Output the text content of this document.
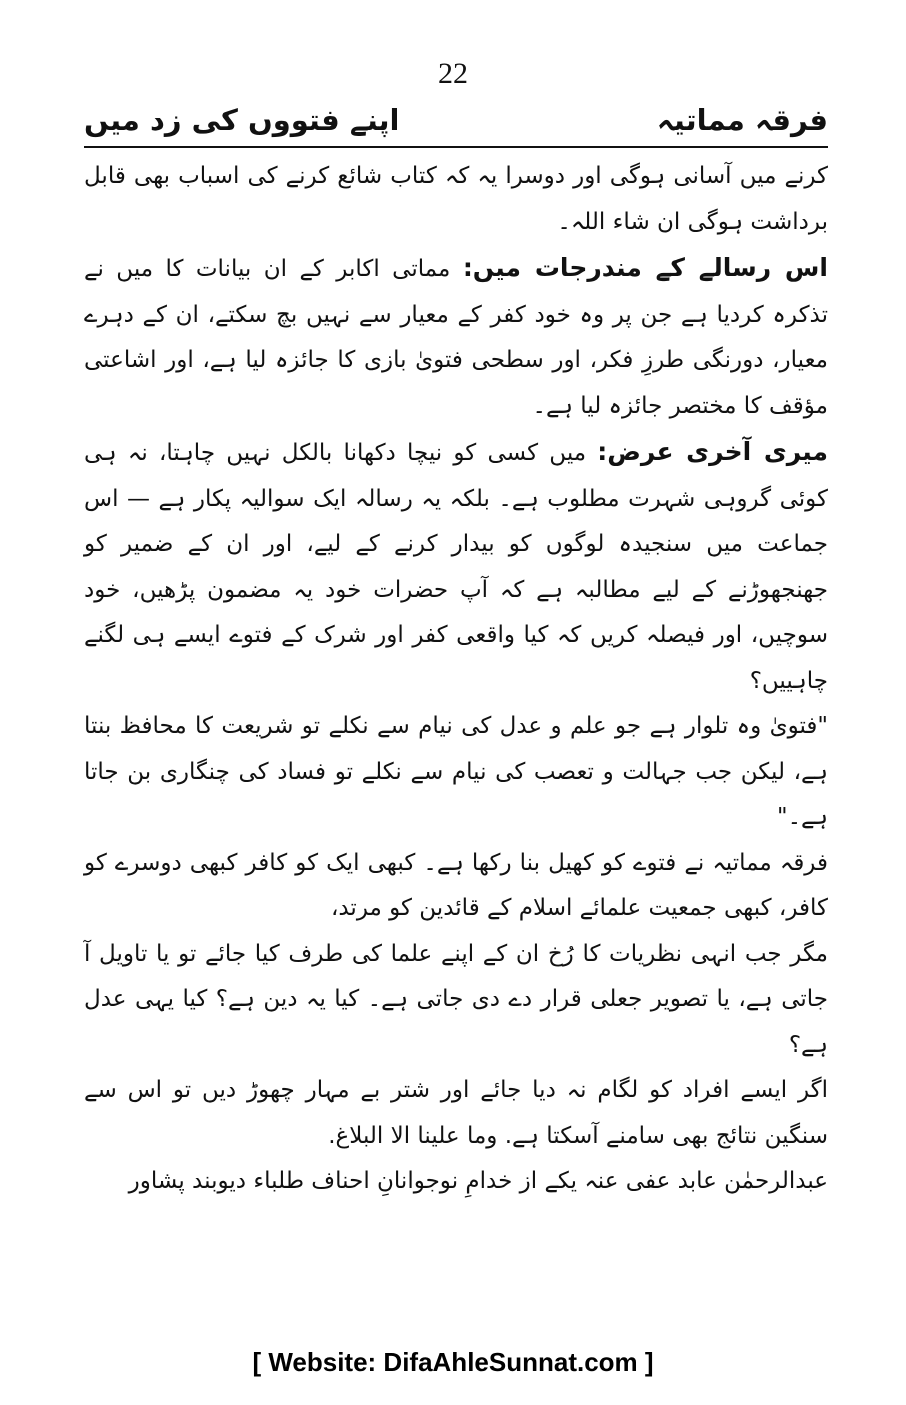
22
فرقہ مماتیہ
اپنے فتووں کی زد میں

کرنے میں آسانی ہوگی اور دوسرا یہ کہ کتاب شائع کرنے کی اسباب بھی قابل برداشت ہوگی ان شاء اللہ۔

اس رسالے کے مندرجات میں: مماتی اکابر کے ان بیانات کا میں نے تذکرہ کردیا ہے جن پر وہ خود کفر کے معیار سے نہیں بچ سکتے، ان کے دہرے معیار، دورنگی طرزِ فکر، اور سطحی فتویٰ بازی کا جائزہ لیا ہے، اور اشاعتی مؤقف کا مختصر جائزہ لیا ہے۔

میری آخری عرض: میں کسی کو نیچا دکھانا بالکل نہیں چاہتا، نہ ہی کوئی گروہی شہرت مطلوب ہے۔ بلکہ یہ رسالہ ایک سوالیہ پکار ہے — اس جماعت میں سنجیدہ لوگوں کو بیدار کرنے کے لیے، اور ان کے ضمیر کو جھنجھوڑنے کے لیے مطالبہ ہے کہ آپ حضرات خود یہ مضمون پڑھیں، خود سوچیں، اور فیصلہ کریں کہ کیا واقعی کفر اور شرک کے فتوے ایسے ہی لگنے چاہییں؟

"فتویٰ وہ تلوار ہے جو علم و عدل کی نیام سے نکلے تو شریعت کا محافظ بنتا ہے، لیکن جب جہالت و تعصب کی نیام سے نکلے تو فساد کی چنگاری بن جاتا ہے۔"

فرقہ مماتیہ نے فتوے کو کھیل بنا رکھا ہے۔ کبھی ایک کو کافر کبھی دوسرے کو کافر، کبھی جمعیت علمائے اسلام کے قائدین کو مرتد،

مگر جب انہی نظریات کا رُخ ان کے اپنے علما کی طرف کیا جائے تو یا تاویل آ جاتی ہے، یا تصویر جعلی قرار دے دی جاتی ہے۔ کیا یہ دین ہے؟ کیا یہی عدل ہے؟

اگر ایسے افراد کو لگام نہ دیا جائے اور شتر بے مہار چھوڑ دیں تو اس سے سنگین نتائج بھی سامنے آسکتا ہے. وما علینا الا البلاغ.

عبدالرحمٰن عابد عفی عنہ یکے از خدامِ نوجوانانِ احناف طلباء دیوبند پشاور

[ Website: DifaAhleSunnat.com ]
